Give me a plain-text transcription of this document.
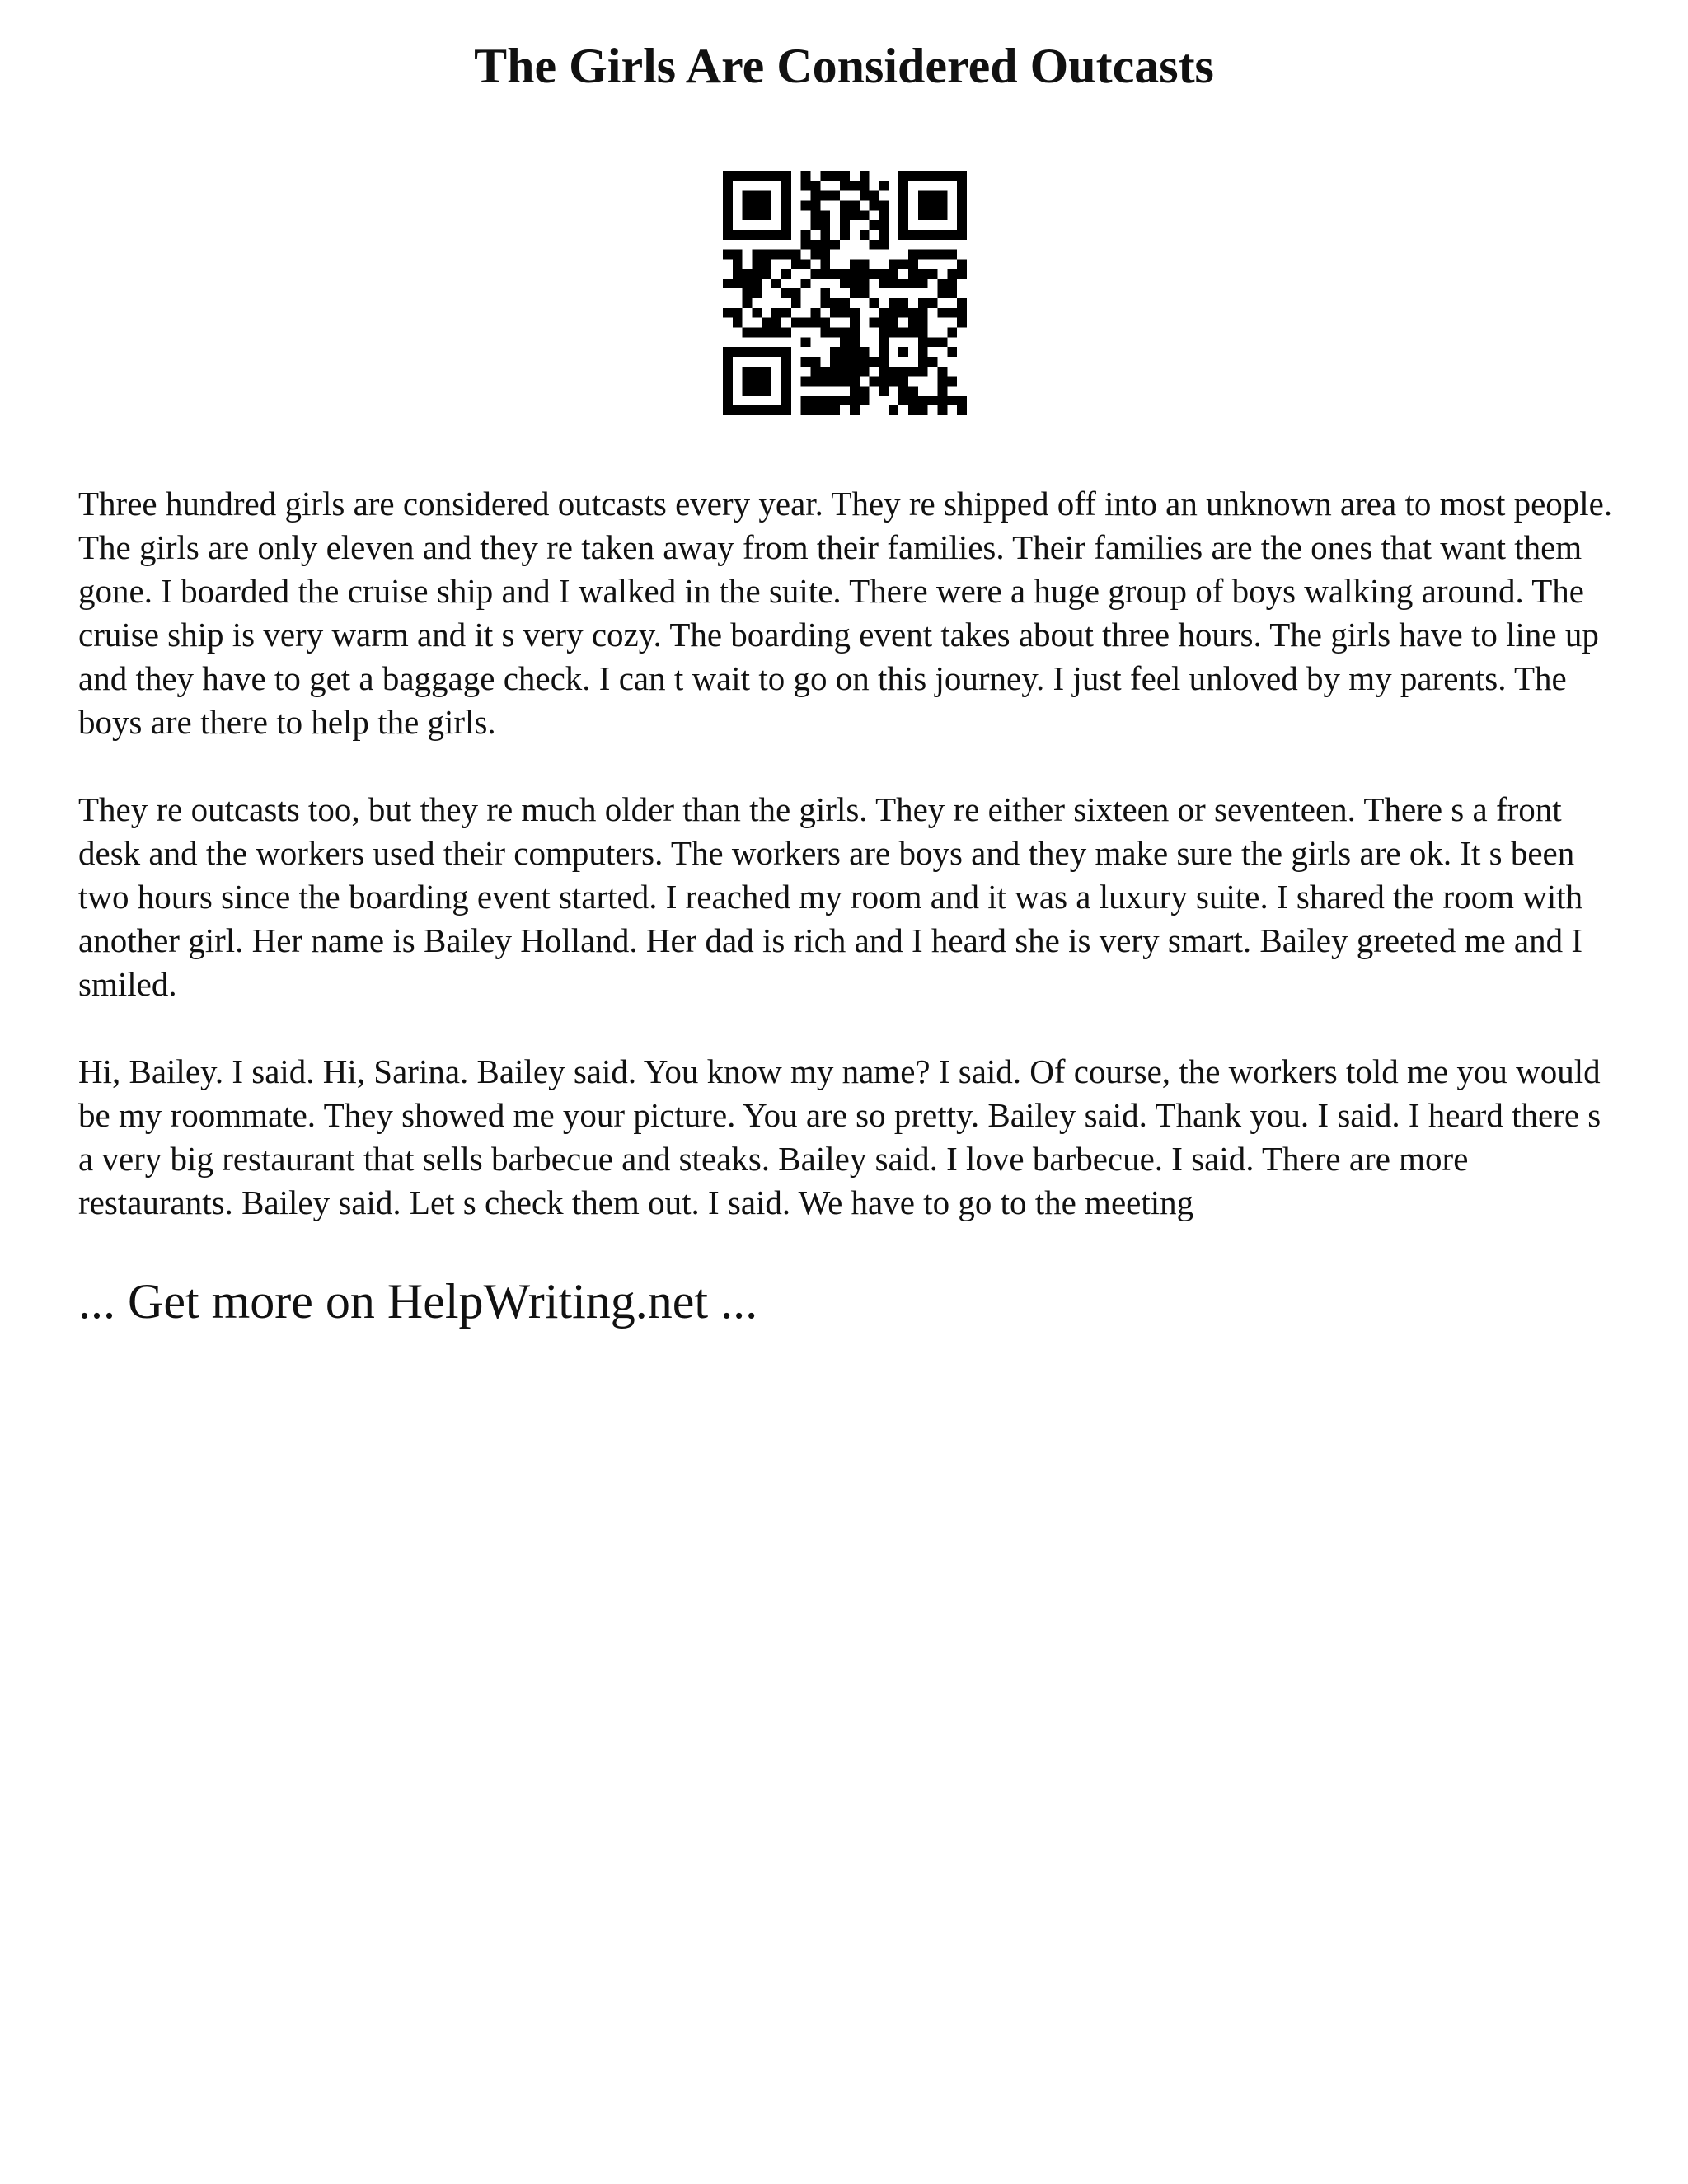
The Girls Are Considered Outcasts

Three hundred girls are considered outcasts every year. They re shipped off into an unknown area to most people. The girls are only eleven and they re taken away from their families. Their families are the ones that want them gone. I boarded the cruise ship and I walked in the suite. There were a huge group of boys walking around. The cruise ship is very warm and it s very cozy. The boarding event takes about three hours. The girls have to line up and they have to get a baggage check. I can t wait to go on this journey. I just feel unloved by my parents. The boys are there to help the girls.

They re outcasts too, but they re much older than the girls. They re either sixteen or seventeen. There s a front desk and the workers used their computers. The workers are boys and they make sure the girls are ok. It s been two hours since the boarding event started. I reached my room and it was a luxury suite. I shared the room with another girl. Her name is Bailey Holland. Her dad is rich and I heard she is very smart. Bailey greeted me and I smiled.

Hi, Bailey. I said. Hi, Sarina. Bailey said. You know my name? I said. Of course, the workers told me you would be my roommate. They showed me your picture. You are so pretty. Bailey said. Thank you. I said. I heard there s a very big restaurant that sells barbecue and steaks. Bailey said. I love barbecue. I said. There are more restaurants. Bailey said. Let s check them out. I said. We have to go to the meeting

... Get more on HelpWriting.net ...
